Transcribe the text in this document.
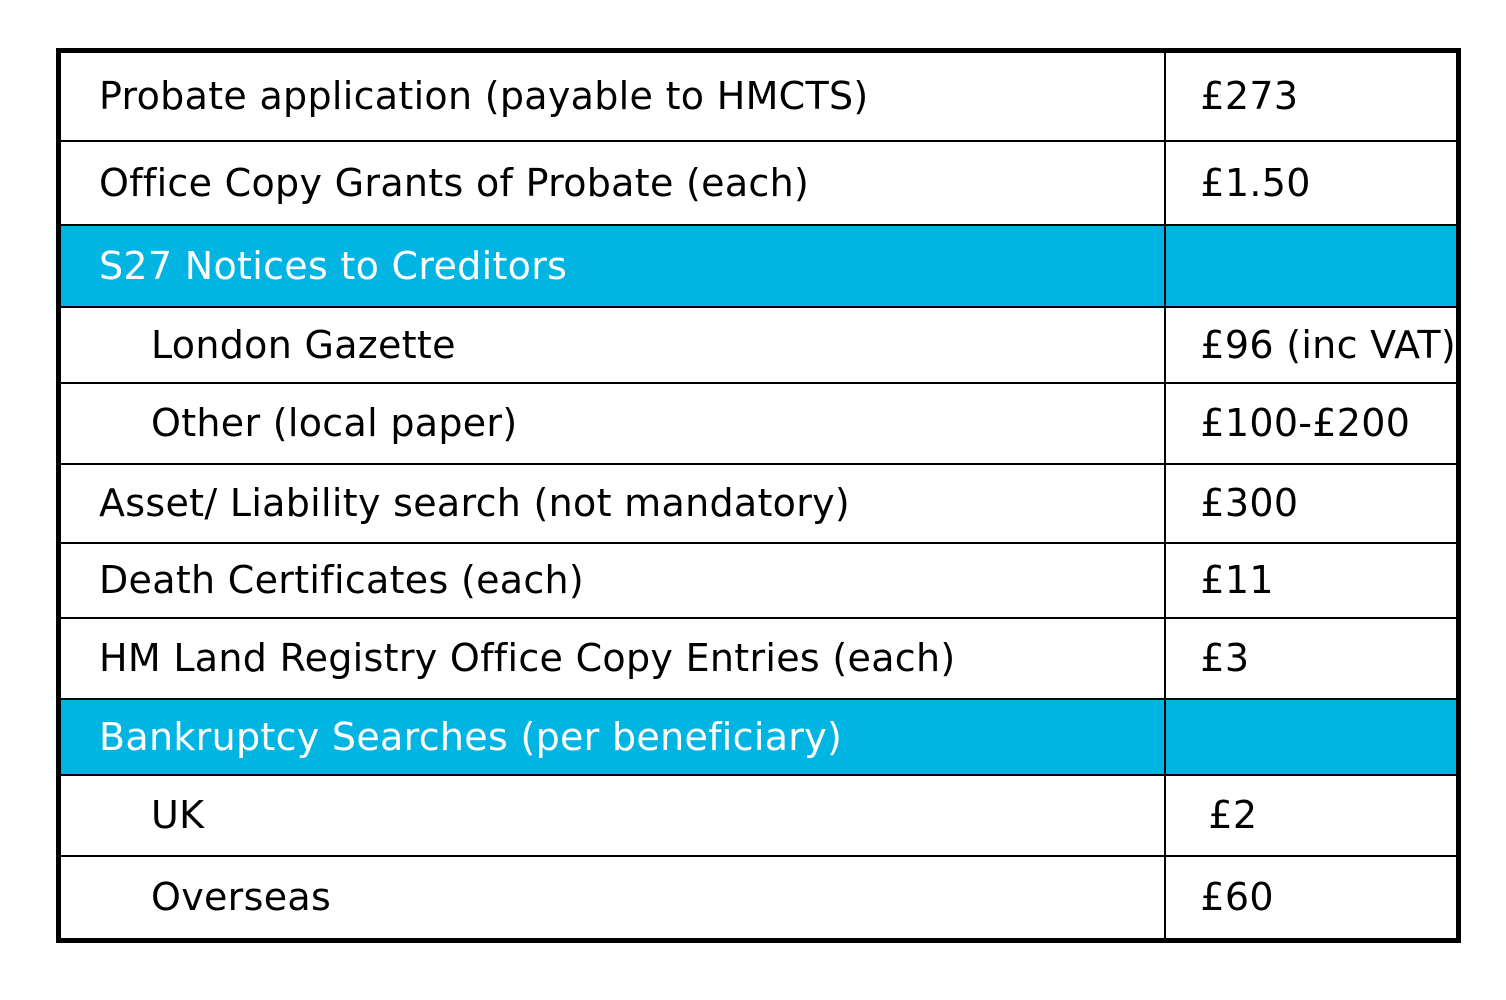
Probate application (payable to HMCTS)	£273
Office Copy Grants of Probate (each)	£1.50
S27 Notices to Creditors	
London Gazette	£96 (inc VAT)
Other (local paper)	£100-£200
Asset/ Liability search (not mandatory)	£300
Death Certificates (each)	£11
HM Land Registry Office Copy Entries (each)	£3
Bankruptcy Searches (per beneficiary)	
UK	£2
Overseas	£60
